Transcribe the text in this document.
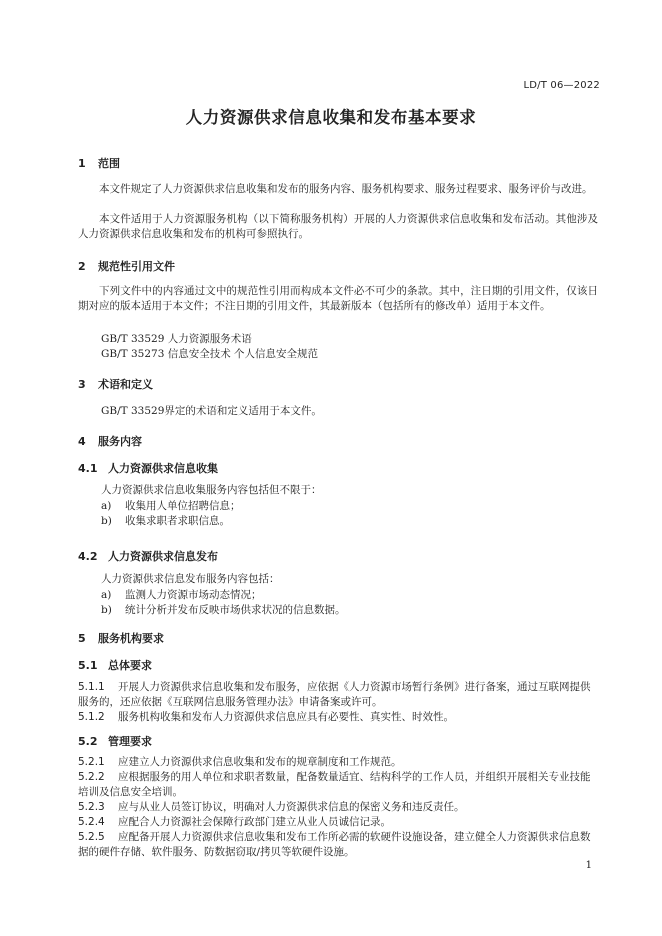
LD/T 06—2022
人力资源供求信息收集和发布基本要求
1 范围
本文件规定了人力资源供求信息收集和发布的服务内容、服务机构要求、服务过程要求、服务评价与改进。
本文件适用于人力资源服务机构（以下简称服务机构）开展的人力资源供求信息收集和发布活动。其他涉及人力资源供求信息收集和发布的机构可参照执行。
2 规范性引用文件
下列文件中的内容通过文中的规范性引用而构成本文件必不可少的条款。其中，注日期的引用文件，仅该日期对应的版本适用于本文件；不注日期的引用文件，其最新版本（包括所有的修改单）适用于本文件。
GB/T 33529 人力资源服务术语
GB/T 35273 信息安全技术 个人信息安全规范
3 术语和定义
GB/T 33529界定的术语和定义适用于本文件。
4 服务内容
4.1 人力资源供求信息收集
人力资源供求信息收集服务内容包括但不限于：
a) 收集用人单位招聘信息；
b) 收集求职者求职信息。
4.2 人力资源供求信息发布
人力资源供求信息发布服务内容包括：
a) 监测人力资源市场动态情况；
b) 统计分析并发布反映市场供求状况的信息数据。
5 服务机构要求
5.1 总体要求
5.1.1 开展人力资源供求信息收集和发布服务，应依据《人力资源市场暂行条例》进行备案，通过互联网提供服务的，还应依据《互联网信息服务管理办法》申请备案或许可。
5.1.2 服务机构收集和发布人力资源供求信息应具有必要性、真实性、时效性。
5.2 管理要求
5.2.1 应建立人力资源供求信息收集和发布的规章制度和工作规范。
5.2.2 应根据服务的用人单位和求职者数量，配备数量适宜、结构科学的工作人员，并组织开展相关专业技能培训及信息安全培训。
5.2.3 应与从业人员签订协议，明确对人力资源供求信息的保密义务和违反责任。
5.2.4 应配合人力资源社会保障行政部门建立从业人员诚信记录。
5.2.5 应配备开展人力资源供求信息收集和发布工作所必需的软硬件设施设备，建立健全人力资源供求信息数据的硬件存储、软件服务、防数据窃取/拷贝等软硬件设施。
1
